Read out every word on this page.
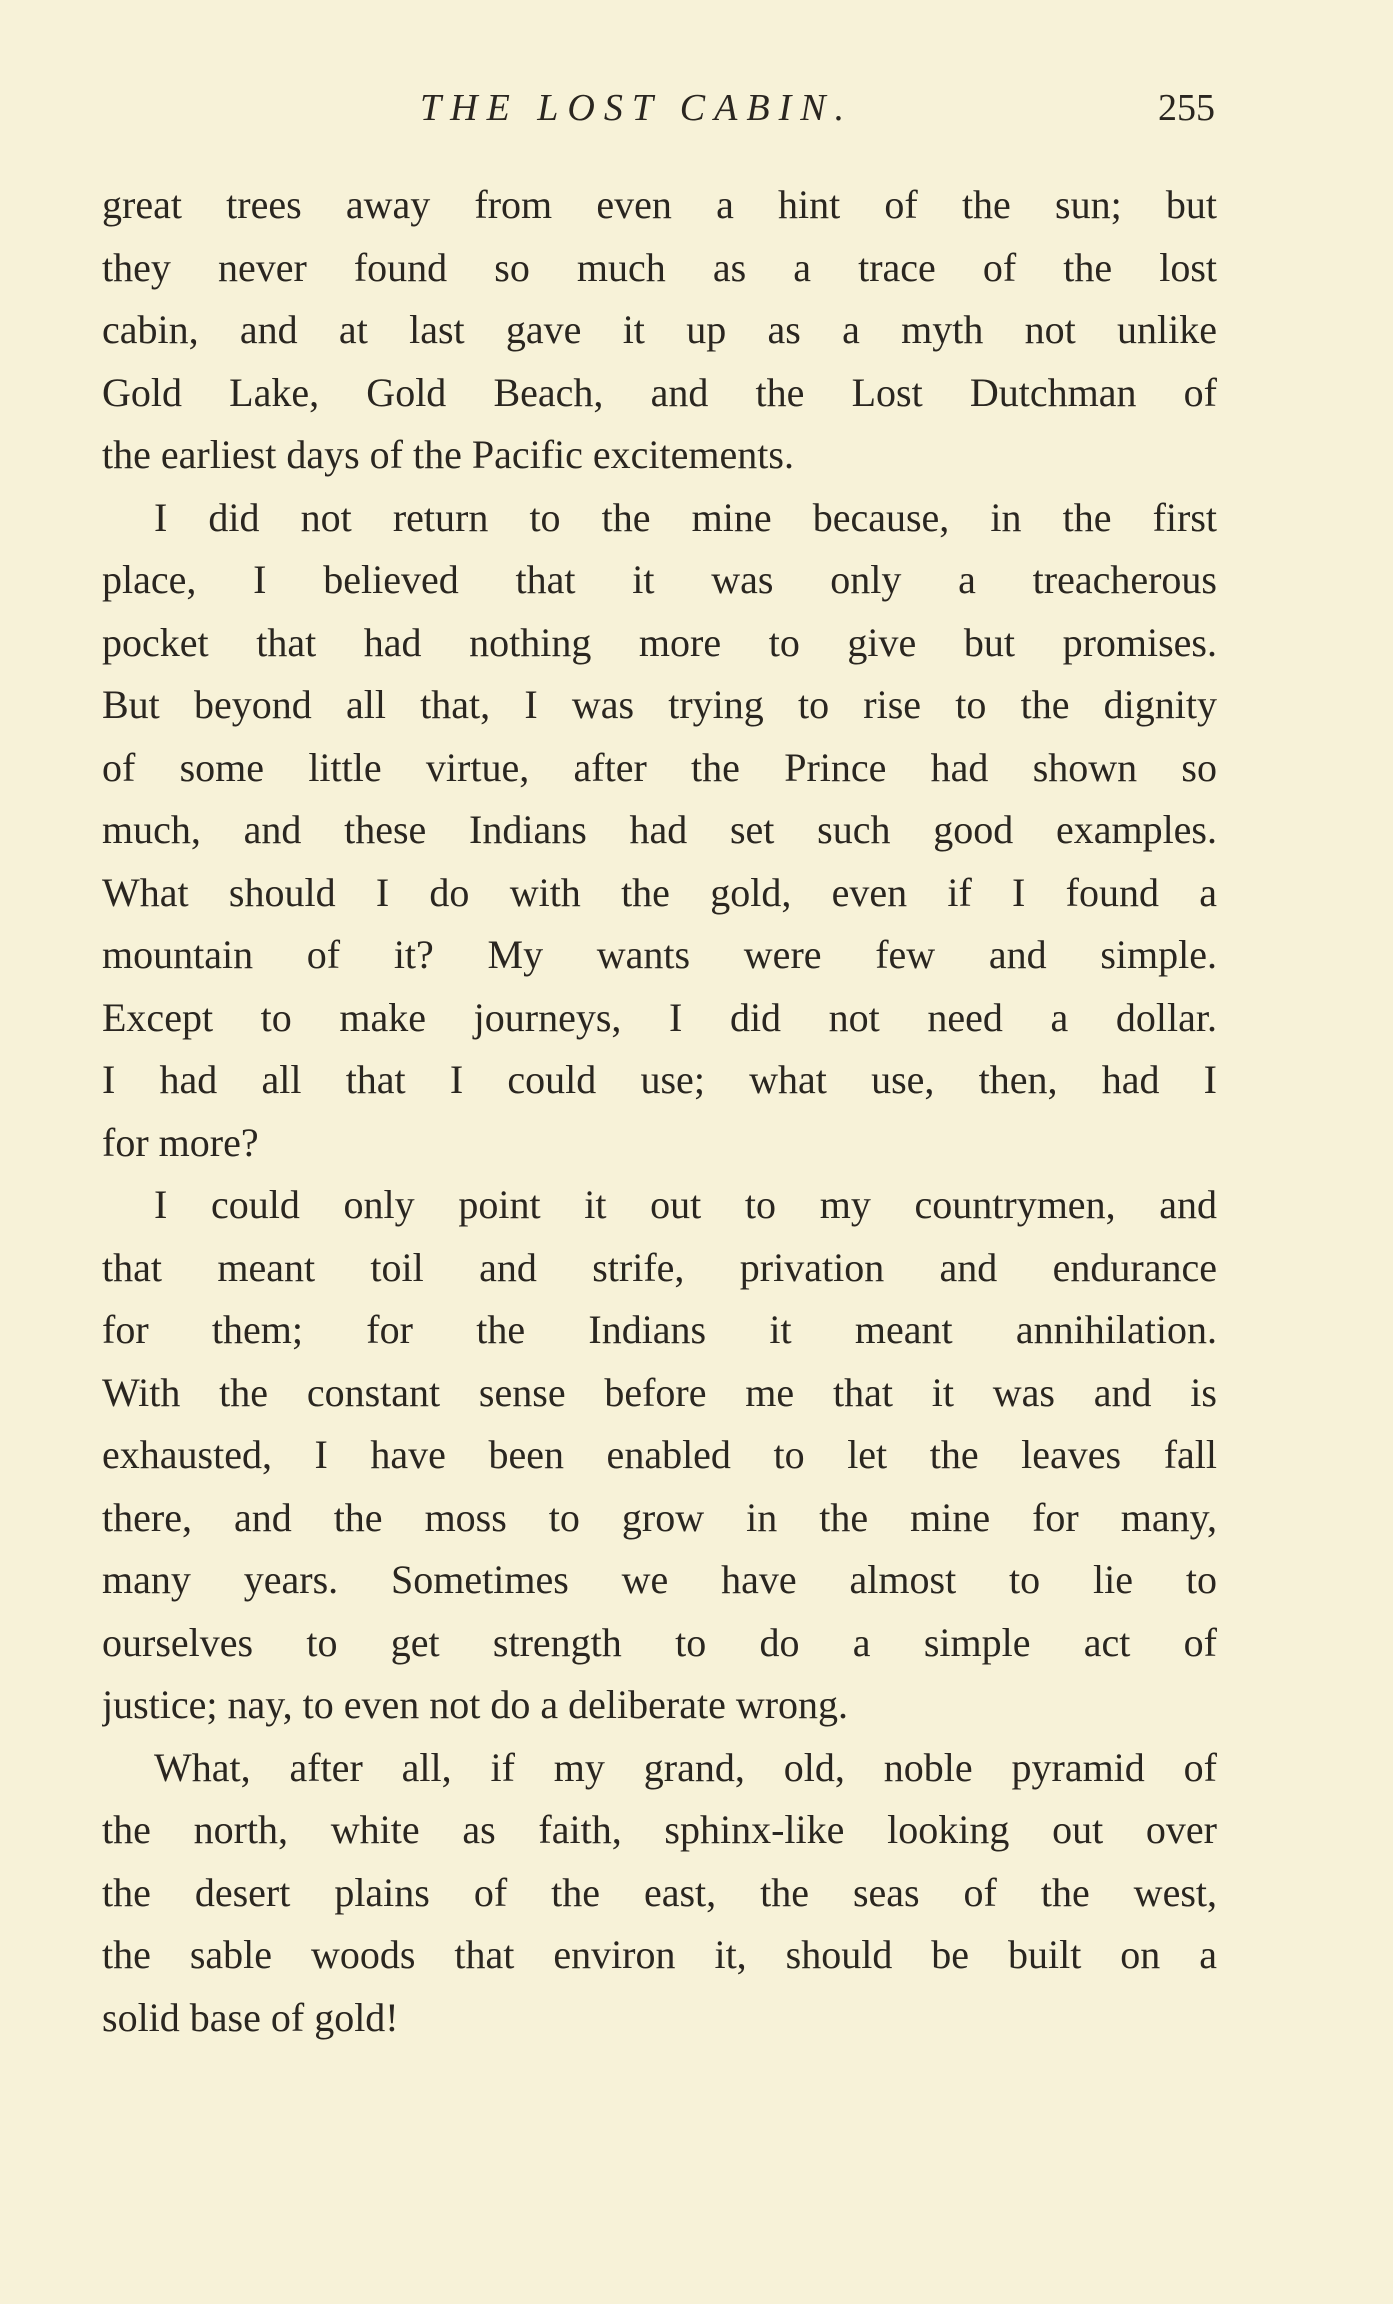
THE LOST CABIN.	255
great trees away from even a hint of the sun; but
they never found so much as a trace of the lost
cabin, and at last gave it up as a myth not unlike
Gold Lake, Gold Beach, and the Lost Dutchman of
the earliest days of the Pacific excitements.
I did not return to the mine because, in the first
place, I believed that it was only a treacherous
pocket that had nothing more to give but promises.
But beyond all that, I was trying to rise to the dignity
of some little virtue, after the Prince had shown so
much, and these Indians had set such good examples.
What should I do with the gold, even if I found a
mountain of it? My wants were few and simple.
Except to make journeys, I did not need a dollar.
I had all that I could use; what use, then, had I
for more?
I could only point it out to my countrymen, and
that meant toil and strife, privation and endurance
for them; for the Indians it meant annihilation.
With the constant sense before me that it was and is
exhausted, I have been enabled to let the leaves fall
there, and the moss to grow in the mine for many,
many years. Sometimes we have almost to lie to
ourselves to get strength to do a simple act of
justice; nay, to even not do a deliberate wrong.
What, after all, if my grand, old, noble pyramid of
the north, white as faith, sphinx-like looking out over
the desert plains of the east, the seas of the west,
the sable woods that environ it, should be built on a
solid base of gold!
